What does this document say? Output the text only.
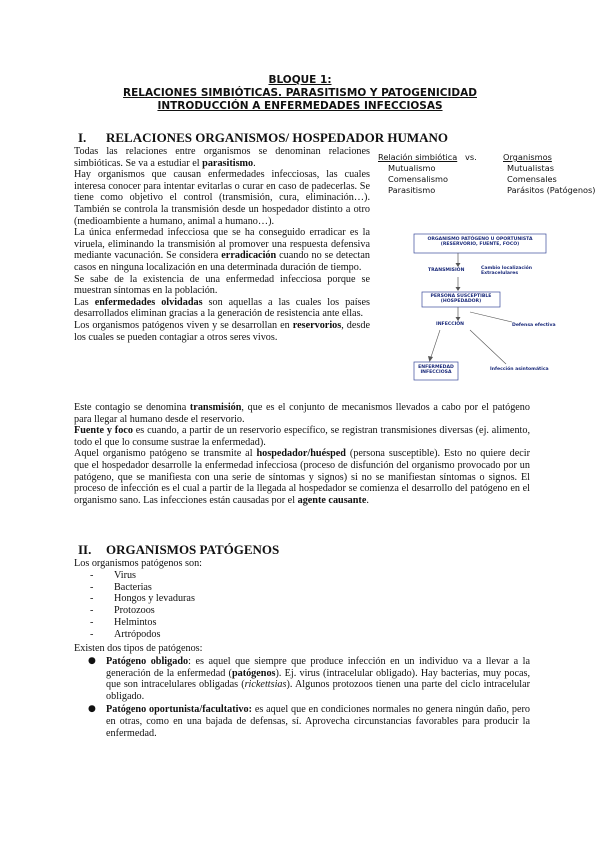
BLOQUE 1:
RELACIONES SIMBIÓTICAS. PARASITISMO Y PATOGENICIDAD
INTRODUCCIÓN A ENFERMEDADES INFECCIOSAS
I. RELACIONES ORGANISMOS/ HOSPEDADOR HUMANO

Todas las relaciones entre organismos se denominan relaciones simbióticas. Se va a estudiar el parasitismo.

Hay organismos que causan enfermedades infecciosas, las cuales interesa conocer para intentar evitarlas o curar en caso de padecerlas. Se tiene como objetivo el control (transmisión, cura, eliminación…). También se controla la transmisión desde un hospedador distinto a otro (medioambiente a humano, animal a humano…).

La única enfermedad infecciosa que se ha conseguido erradicar es la viruela, eliminando la transmisión al promover una respuesta defensiva mediante vacunación. Se considera erradicación cuando no se detectan casos en ninguna localización en una determinada duración de tiempo.

Se sabe de la existencia de una enfermedad infecciosa porque se muestran síntomas en la población.

Las enfermedades olvidadas son aquellas a las cuales los países desarrollados eliminan gracias a la generación de resistencia ante ellas.

Los organismos patógenos viven y se desarrollan en reservorios, desde los cuales se pueden contagiar a otros seres vivos.

Este contagio se denomina transmisión, que es el conjunto de mecanismos llevados a cabo por el patógeno para llegar al humano desde el reservorio.

Fuente y foco es cuando, a partir de un reservorio específico, se registran transmisiones diversas (ej. alimento, todo el que lo consume sustrae la enfermedad).

Aquel organismo patógeno se transmite al hospedador/huésped (persona susceptible). Esto no quiere decir que el hospedador desarrolle la enfermedad infecciosa (proceso de disfunción del organismo provocado por un patógeno, que se manifiesta con una serie de síntomas y signos) si no se manifiestan síntomas o signos. El proceso de infección es el cual a partir de la llegada al hospedador se comienza el desarrollo del patógeno en el organismo sano. Las infecciones están causadas por el agente causante.

Relación simbiótica vs.	Organismos
Mutualismo	Mutualistas
Comensalismo	Comensales
Parasitismo	Parásitos (Patógenos)
ORGANISMO PATÓGENO U OPORTUNISTA (RESERVORIO, FUENTE, FOCO)
TRANSMISIÓN	Cambio localización Extracelulares
PERSONA SUSCEPTIBLE (HOSPEDADOR)
INFECCIÓN	Defensa efectiva
ENFERMEDAD INFECCIOSA
Infección asintomática
II. ORGANISMOS PATÓGENOS
Los organismos patógenos son:
- Virus
- Bacterias
- Hongos y levaduras
- Protozoos
- Helmintos
- Artrópodos
Existen dos tipos de patógenos:
● Patógeno obligado: es aquel que siempre que produce infección en un individuo va a llevar a la generación de la enfermedad (patógenos). Ej. virus (intracelular obligado). Hay bacterias, muy pocas, que son intracelulares obligadas (rickettsias). Algunos protozoos tienen una parte del ciclo intracelular obligado.
● Patógeno oportunista/facultativo: es aquel que en condiciones normales no genera ningún daño, pero en otras, como en una bajada de defensas, sí. Aprovecha circunstancias favorables para producir la enfermedad.
